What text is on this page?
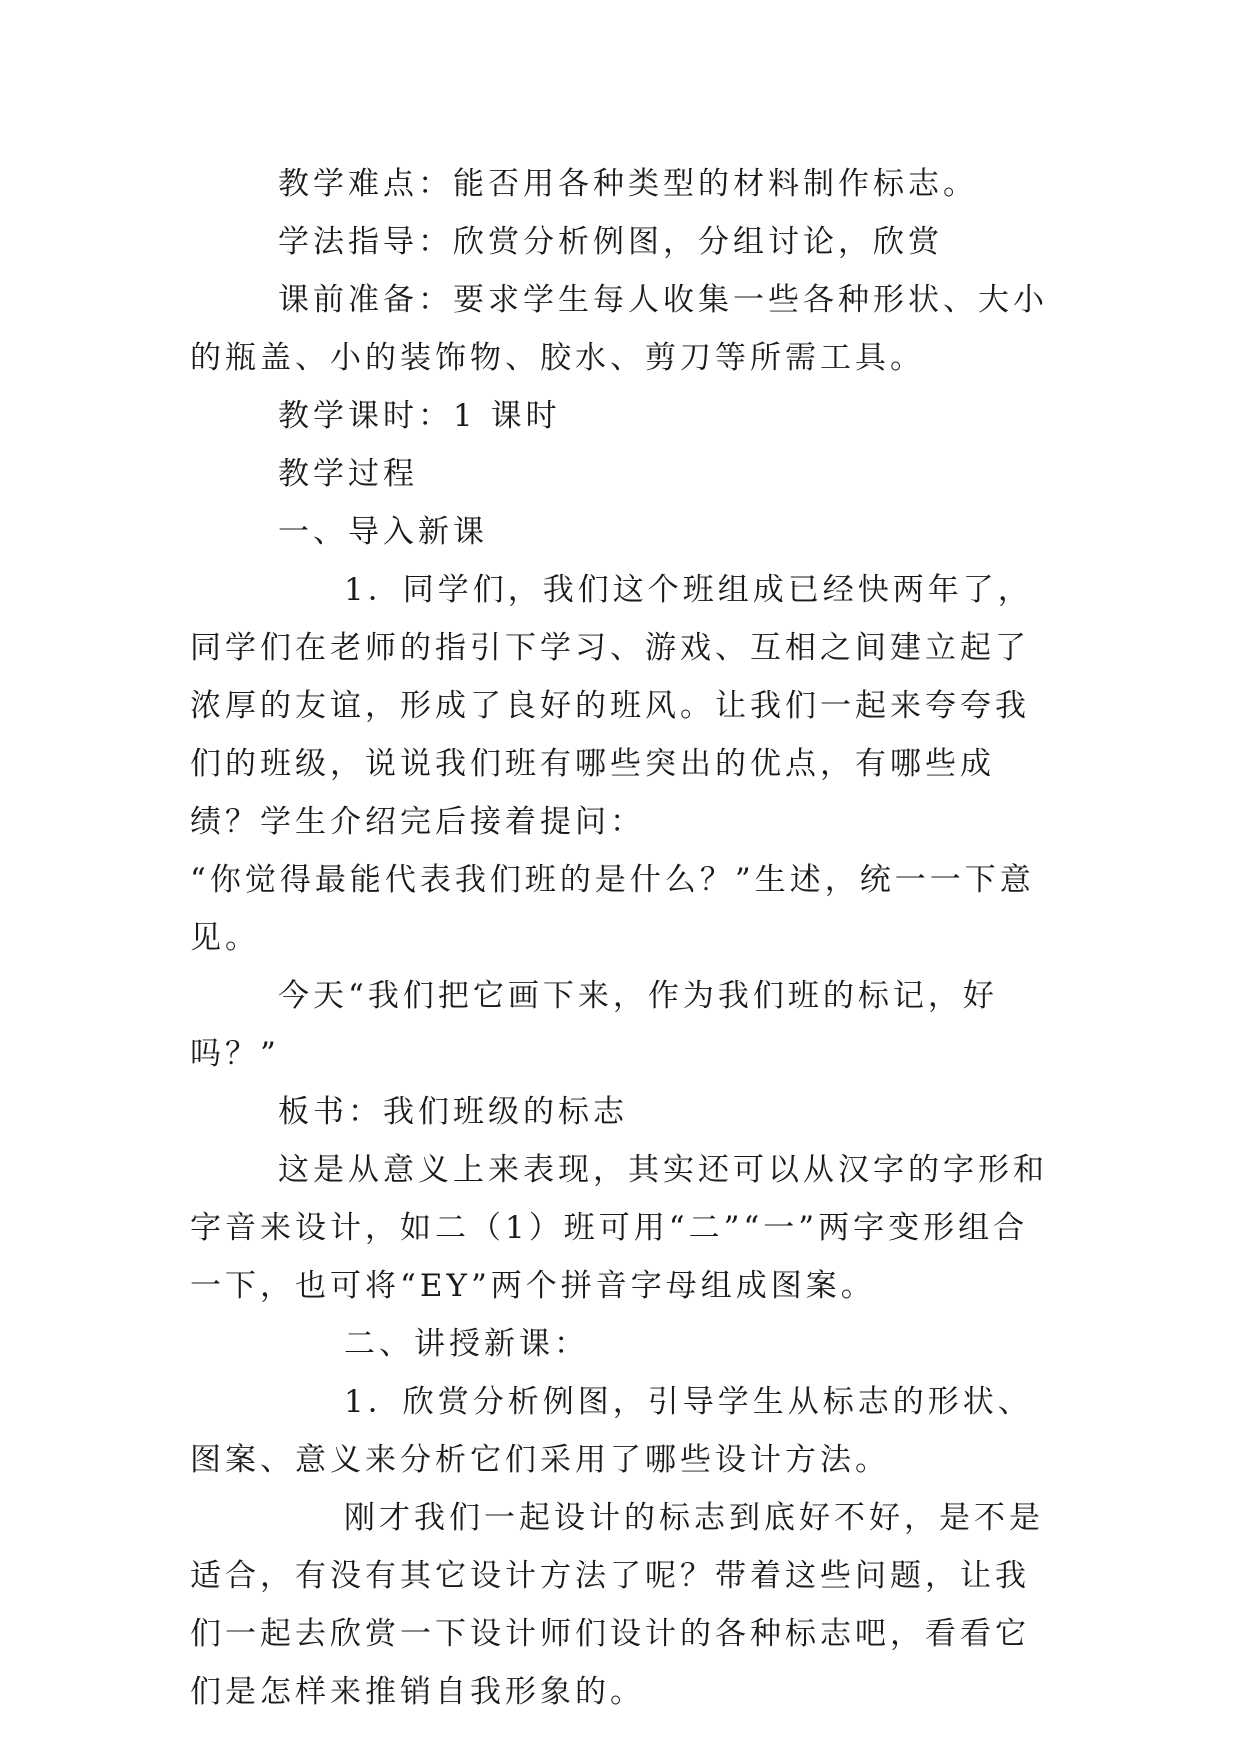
教学难点：能否用各种类型的材料制作标志。

学法指导：欣赏分析例图，分组讨论，欣赏

课前准备：要求学生每人收集一些各种形状、大小的瓶盖、小的装饰物、胶水、剪刀等所需工具。

教学课时：1 课时

教学过程

一、导入新课

1．同学们，我们这个班组成已经快两年了，同学们在老师的指引下学习、游戏、互相之间建立起了浓厚的友谊，形成了良好的班风。让我们一起来夸夸我们的班级，说说我们班有哪些突出的优点，有哪些成绩？学生介绍完后接着提问：

“你觉得最能代表我们班的是什么？”生述，统一一下意见。

今天“我们把它画下来，作为我们班的标记，好吗？”

板书：我们班级的标志

这是从意义上来表现，其实还可以从汉字的字形和字音来设计，如二（1）班可用“二”“一”两字变形组合一下，也可将“EY”两个拼音字母组成图案。

二、讲授新课：

1．欣赏分析例图，引导学生从标志的形状、图案、意义来分析它们采用了哪些设计方法。

刚才我们一起设计的标志到底好不好，是不是适合，有没有其它设计方法了呢？带着这些问题，让我们一起去欣赏一下设计师们设计的各种标志吧，看看它们是怎样来推销自我形象的。
